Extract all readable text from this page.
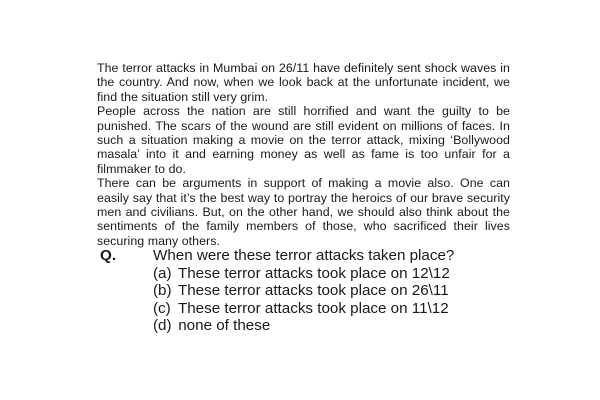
The terror attacks in Mumbai on 26/11 have definitely sent shock waves in the country. And now, when we look back at the unfortunate incident, we find the situation still very grim.

People across the nation are still horrified and want the guilty to be punished. The scars of the wound are still evident on millions of faces. In such a situation making a movie on the terror attack, mixing ‘Bollywood masala’ into it and earning money as well as fame is too unfair for a filmmaker to do.

There can be arguments in support of making a movie also. One can easily say that it’s the best way to portray the heroics of our brave security men and civilians. But, on the other hand, we should also think about the sentiments of the family members of those, who sacrificed their lives securing many others.

Q.	When were these terror attacks taken place?
(a) These terror attacks took place on 12\12
(b) These terror attacks took place on 26\11
(c) These terror attacks took place on 11\12
(d) none of these
